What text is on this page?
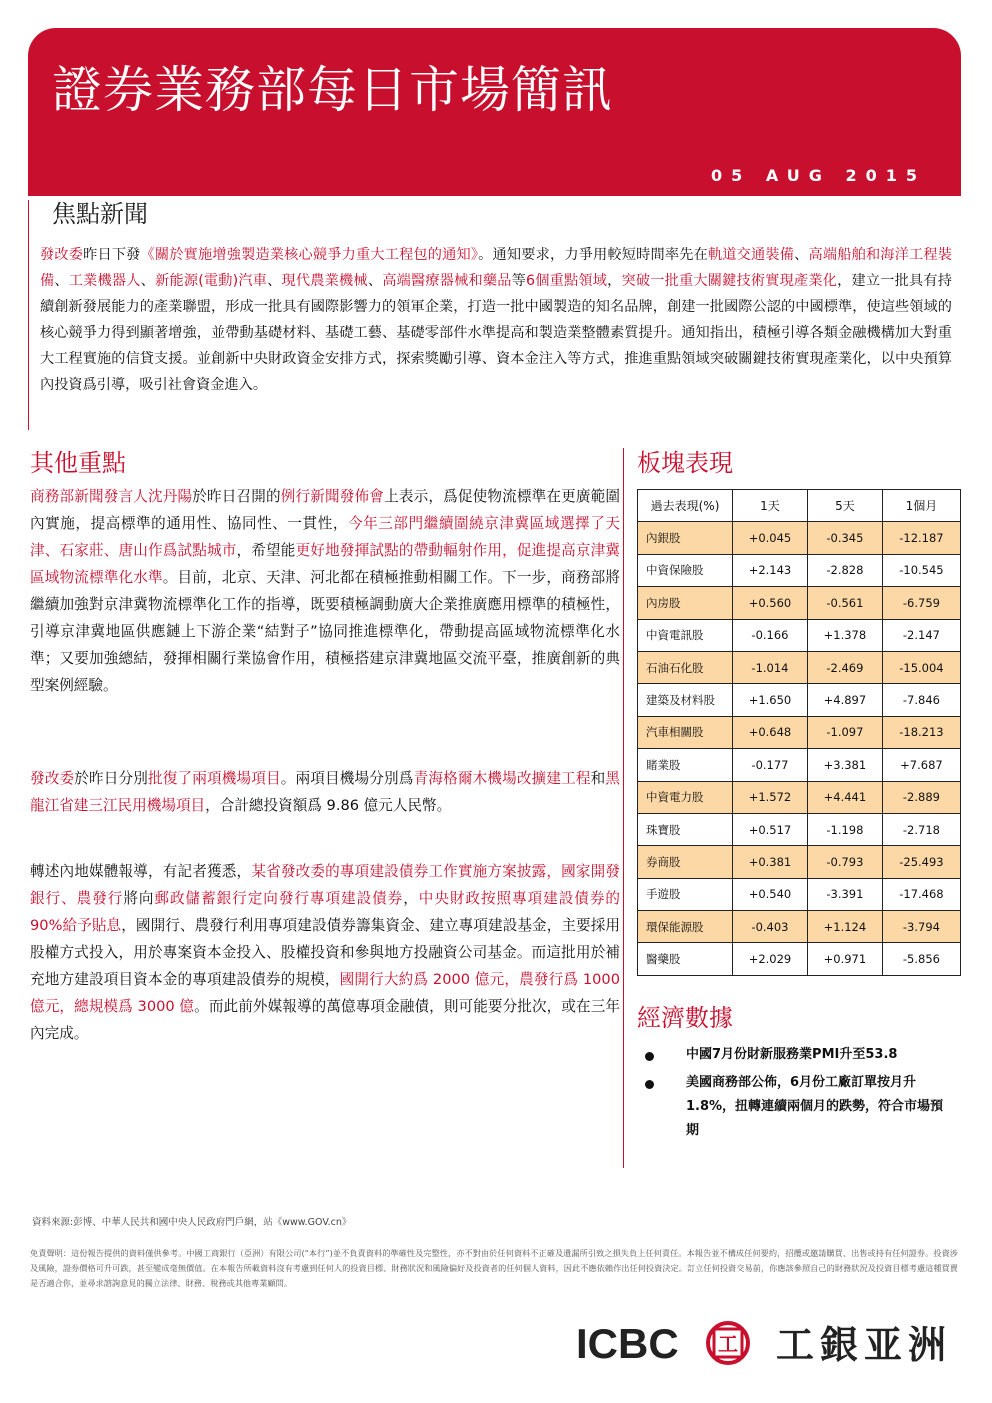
證券業務部每日市場簡訊
05 AUG 2015
焦點新聞
發改委昨日下發《關於實施增強製造業核心競爭力重大工程包的通知》。通知要求，力爭用較短時間率先在軌道交通裝備、高端船舶和海洋工程裝備、工業機器人、新能源(電動)汽車、現代農業機械、高端醫療器械和藥品等6個重點領域，突破一批重大關鍵技術實現產業化，建立一批具有持續創新發展能力的產業聯盟，形成一批具有國際影響力的領軍企業，打造一批中國製造的知名品牌，創建一批國際公認的中國標準，使這些領域的核心競爭力得到顯著增強，並帶動基礎材料、基礎工藝、基礎零部件水準提高和製造業整體素質提升。通知指出，積極引導各類金融機構加大對重大工程實施的信貸支援。並創新中央財政資金安排方式，探索獎勵引導、資本金注入等方式，推進重點領域突破關鍵技術實現產業化，以中央預算內投資爲引導，吸引社會資金進入。
其他重點
商務部新聞發言人沈丹陽於昨日召開的例行新聞發佈會上表示，爲促使物流標準在更廣範圍內實施，提高標準的通用性、協同性、一貫性，今年三部門繼續圍繞京津冀區域選擇了天津、石家莊、唐山作爲試點城市，希望能更好地發揮試點的帶動輻射作用，促進提高京津冀區域物流標準化水準。目前，北京、天津、河北都在積極推動相關工作。下一步，商務部將繼續加強對京津冀物流標準化工作的指導，既要積極調動廣大企業推廣應用標準的積極性，引導京津冀地區供應鏈上下游企業“結對子”協同推進標準化，帶動提高區域物流標準化水準；又要加強總結，發揮相關行業協會作用，積極搭建京津冀地區交流平臺，推廣創新的典型案例經驗。
發改委於昨日分別批復了兩項機場項目。兩項目機場分別爲青海格爾木機場改擴建工程和黑龍江省建三江民用機場項目，合計總投資額爲 9.86 億元人民幣。
轉述內地媒體報導，有記者獲悉，某省發改委的專項建設債券工作實施方案披露，國家開發銀行、農發行將向郵政儲蓄銀行定向發行專項建設債券，中央財政按照專項建設債券的 90%給予貼息，國開行、農發行利用專項建設債券籌集資金、建立專項建設基金，主要採用股權方式投入，用於專案資本金投入、股權投資和參與地方投融資公司基金。而這批用於補充地方建設項目資本金的專項建設債券的規模，國開行大約爲 2000 億元，農發行爲 1000 億元，總規模爲 3000 億。而此前外媒報導的萬億專項金融債，則可能要分批次，或在三年內完成。
板塊表現
過去表現(%)	1天	5天	1個月
內銀股	+0.045	-0.345	-12.187
中資保險股	+2.143	-2.828	-10.545
內房股	+0.560	-0.561	-6.759
中資電訊股	-0.166	+1.378	-2.147
石油石化股	-1.014	-2.469	-15.004
建築及材料股	+1.650	+4.897	-7.846
汽車相關股	+0.648	-1.097	-18.213
賭業股	-0.177	+3.381	+7.687
中資電力股	+1.572	+4.441	-2.889
珠寶股	+0.517	-1.198	-2.718
券商股	+0.381	-0.793	-25.493
手遊股	+0.540	-3.391	-17.468
環保能源股	-0.403	+1.124	-3.794
醫藥股	+2.029	+0.971	-5.856
經濟數據
中國7月份財新服務業PMI升至53.8
美國商務部公佈，6月份工廠訂單按月升1.8%，扭轉連續兩個月的跌勢，符合市場預期
資料來源:彭博、中華人民共和國中央人民政府門戶網，站《www.GOV.cn》
免責聲明：這份報告提供的資料僅供參考。中國工商銀行（亞洲）有限公司(“本行”)並不負責資料的準確性及完整性，亦不對由於任何資料不正確及遺漏所引致之損失負上任何責任。本報告並不構成任何要約，招攬或邀請購買、出售或持有任何證券。投資涉及風險，證券價格可升可跌，甚至變成毫無價值。在本報告所載資料沒有考慮到任何人的投資目標、財務狀況和風險偏好及投資者的任何個人資料，因此不應依賴作出任何投資決定。訂立任何投資交易前，你應該參照自己的財務狀況及投資目標考慮這種買賣是否適合你，並尋求諮詢意見的獨立法律、財務、稅務或其他專業顧問。
ICBC 工 工銀亚洲
